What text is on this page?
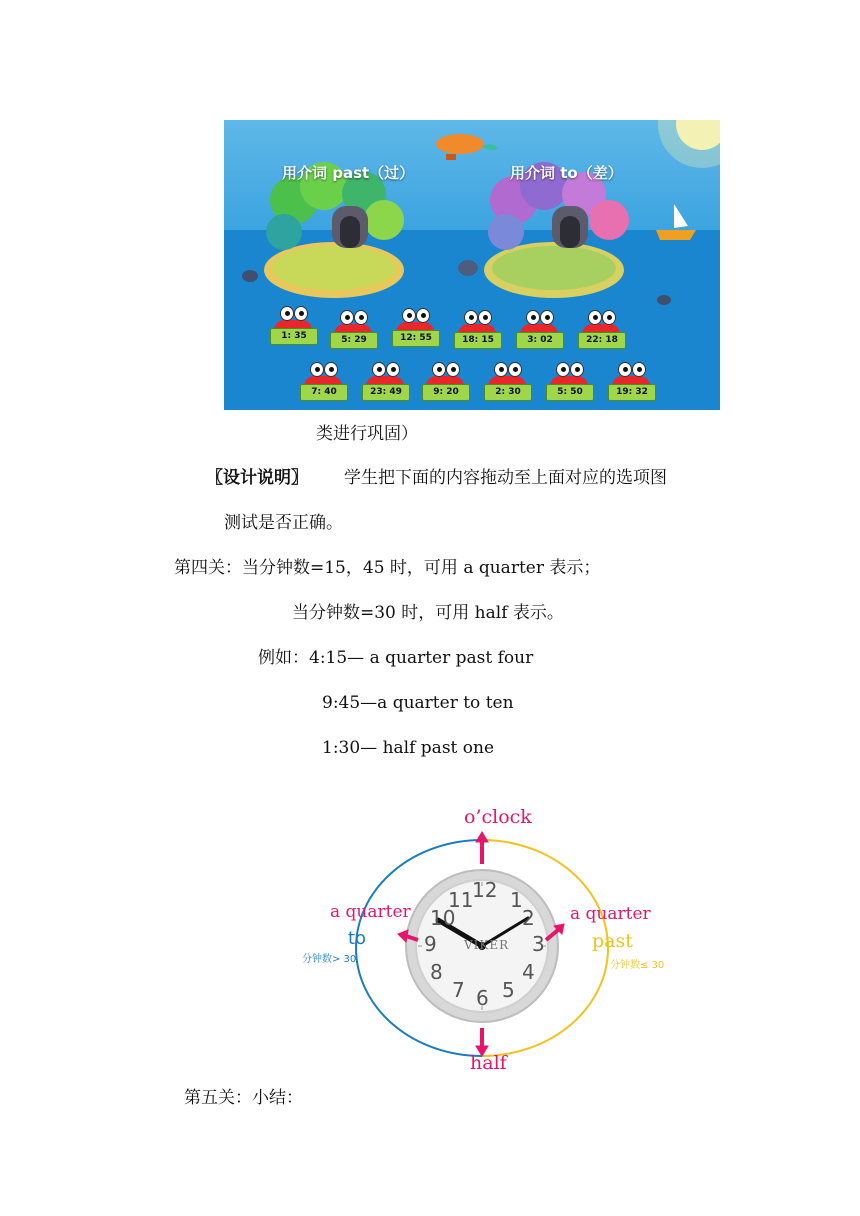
用介词 past（过）	用介词 to（差）
1: 35	5: 29	12: 55	18: 15	3: 02	22: 18
7: 40	23: 49	9: 20	2: 30	5: 50	19: 32
类进行巩固）
〖设计说明〗 学生把下面的内容拖动至上面对应的选项图
测试是否正确。
第四关：当分钟数=15，45 时，可用 a quarter 表示；
当分钟数=30 时，可用 half 表示。
例如：4:15— a quarter past four
9:45—a quarter to ten
1:30— half past one
12 1
2
3
4
5
6
7
8
9
10
11
VIKER
o’clock
a quarter
to
分钟数> 30
a quarter
past
分钟数≤ 30
half
第五关：小结：
